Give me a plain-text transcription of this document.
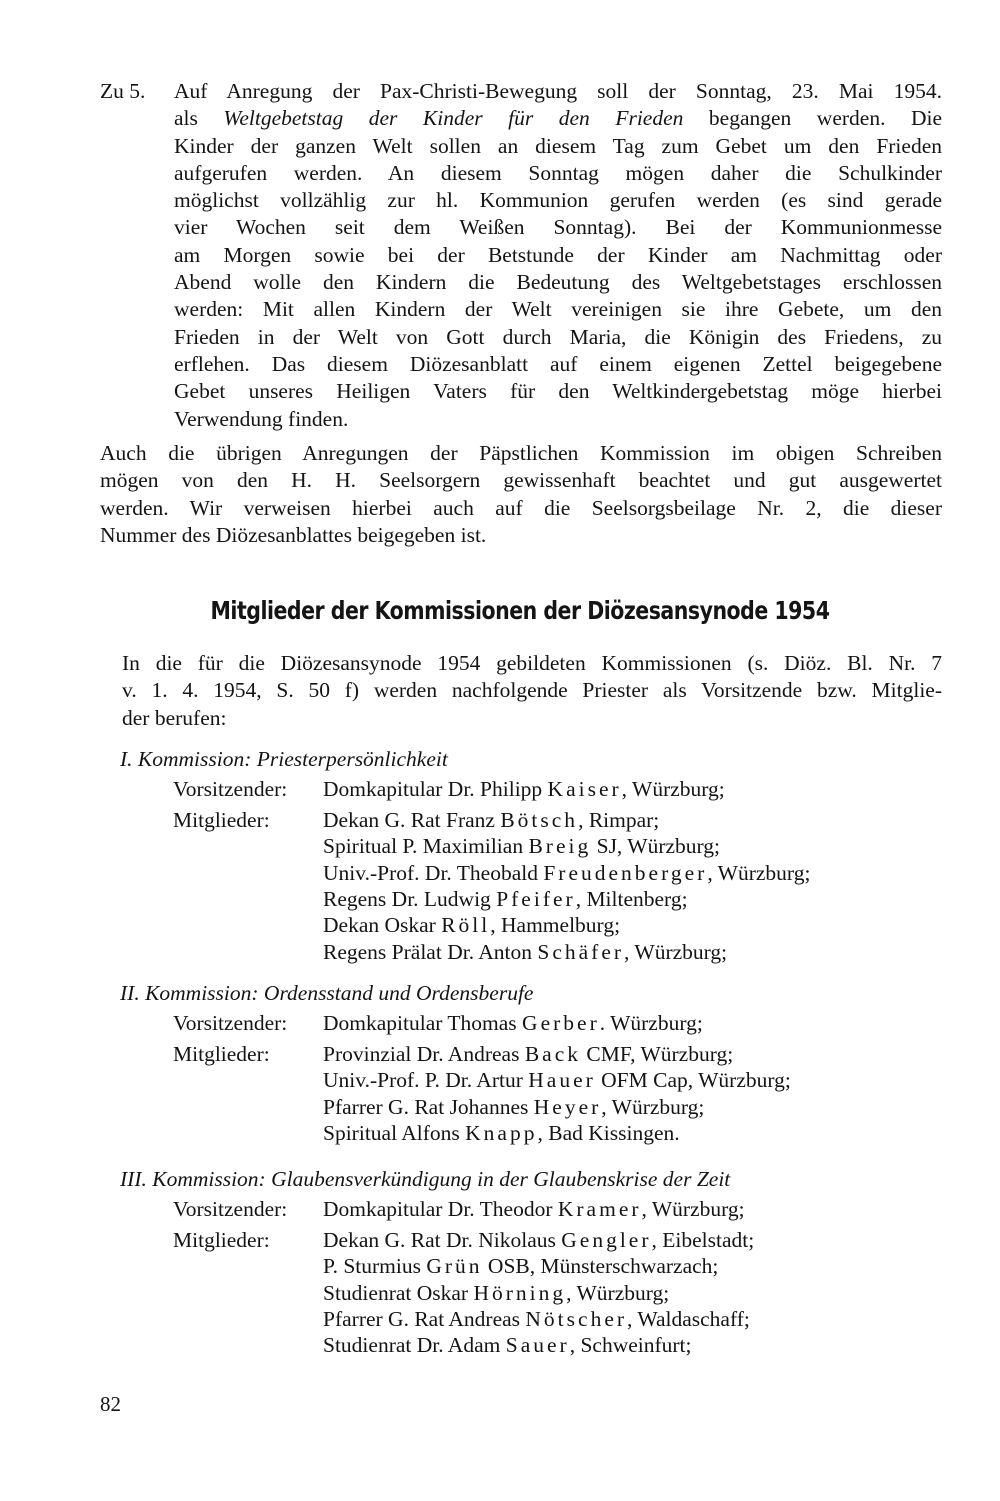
Zu 5.	Auf Anregung der Pax-Christi-Bewegung soll der Sonntag, 23. Mai 1954.
als Weltgebetstag der Kinder für den Frieden begangen werden. Die
Kinder der ganzen Welt sollen an diesem Tag zum Gebet um den Frieden
aufgerufen werden. An diesem Sonntag mögen daher die Schulkinder
möglichst vollzählig zur hl. Kommunion gerufen werden (es sind gerade
vier Wochen seit dem Weißen Sonntag). Bei der Kommunionmesse
am Morgen sowie bei der Betstunde der Kinder am Nachmittag oder
Abend wolle den Kindern die Bedeutung des Weltgebetstages erschlossen
werden: Mit allen Kindern der Welt vereinigen sie ihre Gebete, um den
Frieden in der Welt von Gott durch Maria, die Königin des Friedens, zu
erflehen. Das diesem Diözesanblatt auf einem eigenen Zettel beigegebene
Gebet unseres Heiligen Vaters für den Weltkindergebetstag möge hierbei
Verwendung finden.
Auch die übrigen Anregungen der Päpstlichen Kommission im obigen Schreiben
mögen von den H. H. Seelsorgern gewissenhaft beachtet und gut ausgewertet
werden. Wir verweisen hierbei auch auf die Seelsorgsbeilage Nr. 2, die dieser
Nummer des Diözesanblattes beigegeben ist.
Mitglieder der Kommissionen der Diözesansynode 1954
In die für die Diözesansynode 1954 gebildeten Kommissionen (s. Diöz. Bl. Nr. 7
v. 1. 4. 1954, S. 50 f) werden nachfolgende Priester als Vorsitzende bzw. Mitglie-
der berufen:
I. Kommission: Priesterpersönlichkeit
Vorsitzender: Domkapitular Dr. Philipp Kaiser, Würzburg;
Mitglieder: Dekan G. Rat Franz Bötsch, Rimpar;
Spiritual P. Maximilian Breig SJ, Würzburg;
Univ.-Prof. Dr. Theobald Freudenberger, Würzburg;
Regens Dr. Ludwig Pfeifer, Miltenberg;
Dekan Oskar Röll, Hammelburg;
Regens Prälat Dr. Anton Schäfer, Würzburg;
II. Kommission: Ordensstand und Ordensberufe
Vorsitzender: Domkapitular Thomas Gerber. Würzburg;
Mitglieder: Provinzial Dr. Andreas Back CMF, Würzburg;
Univ.-Prof. P. Dr. Artur Hauer OFM Cap, Würzburg;
Pfarrer G. Rat Johannes Heyer, Würzburg;
Spiritual Alfons Knapp, Bad Kissingen.
III. Kommission: Glaubensverkündigung in der Glaubenskrise der Zeit
Vorsitzender: Domkapitular Dr. Theodor Kramer, Würzburg;
Mitglieder: Dekan G. Rat Dr. Nikolaus Gengler, Eibelstadt;
P. Sturmius Grün OSB, Münsterschwarzach;
Studienrat Oskar Hörning, Würzburg;
Pfarrer G. Rat Andreas Nötscher, Waldaschaff;
Studienrat Dr. Adam Sauer, Schweinfurt;
82
